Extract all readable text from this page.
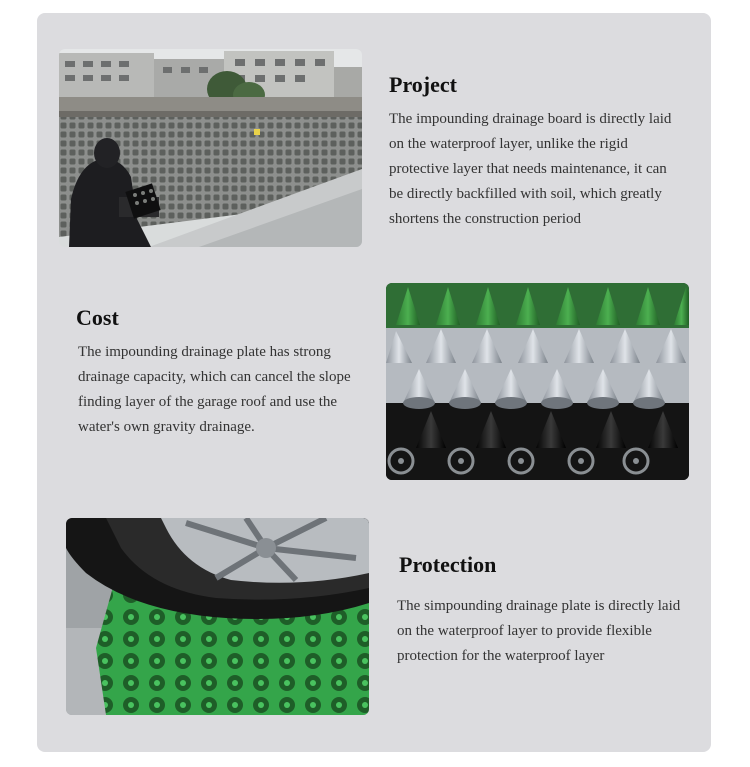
Project

The impounding drainage board is directly laid on the waterproof layer, unlike the rigid protective layer that needs maintenance, it can be directly backfilled with soil, which greatly shortens the construction period

Cost

The impounding drainage plate has strong drainage capacity, which can cancel the slope finding layer of the garage roof and use the water's own gravity drainage.

Protection

The simpounding drainage plate is directly laid on the waterproof layer to provide flexible protection for the waterproof layer
